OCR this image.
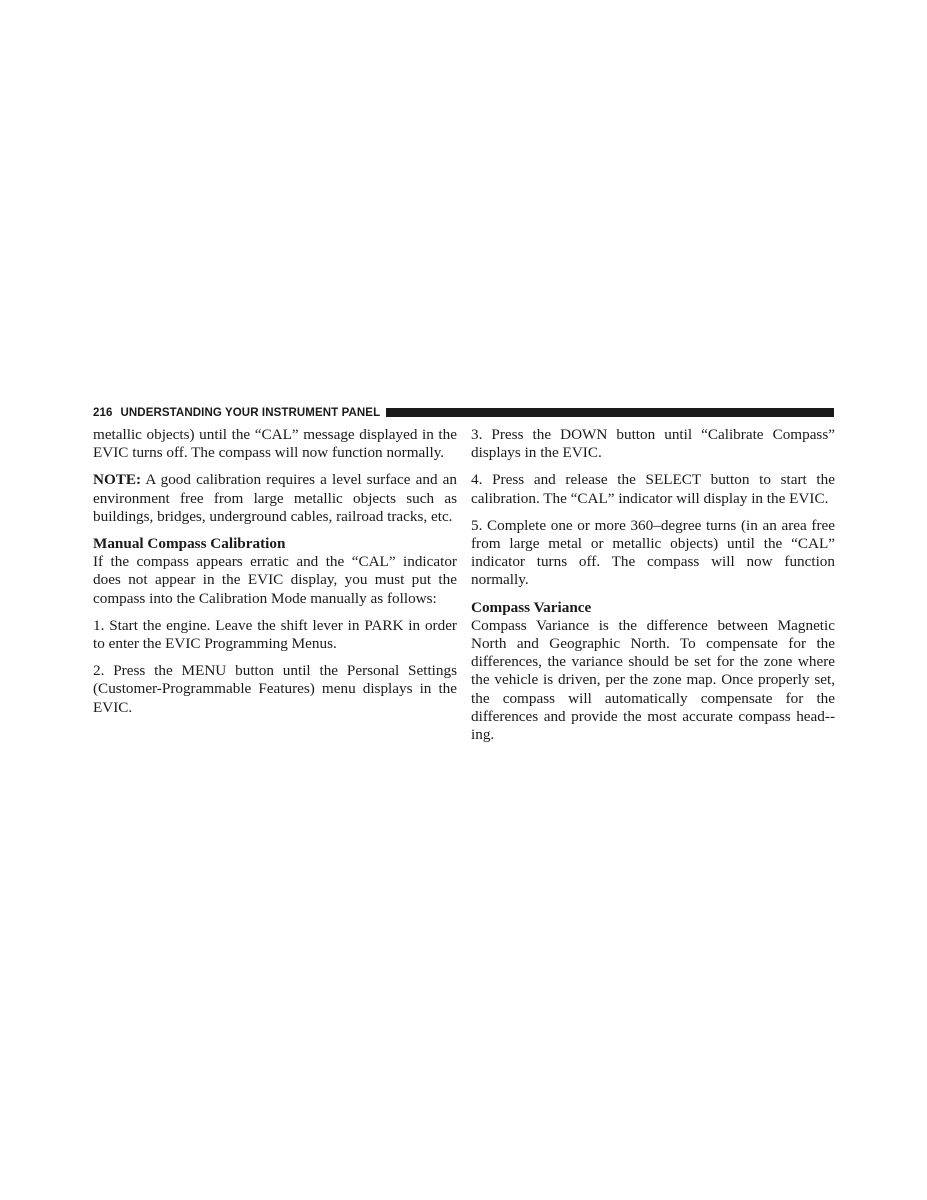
216 UNDERSTANDING YOUR INSTRUMENT PANEL

metallic objects) until the “CAL” message displayed in the EVIC turns off. The compass will now function normally.

NOTE: A good calibration requires a level surface and an environment free from large metallic objects such as buildings, bridges, underground cables, railroad tracks, etc.

Manual Compass Calibration

If the compass appears erratic and the “CAL” indicator does not appear in the EVIC display, you must put the compass into the Calibration Mode manually as follows:

1. Start the engine. Leave the shift lever in PARK in order to enter the EVIC Programming Menus.

2. Press the MENU button until the Personal Settings (Customer-Programmable Features) menu displays in the EVIC.

3. Press the DOWN button until “Calibrate Compass” displays in the EVIC.

4. Press and release the SELECT button to start the calibration. The “CAL” indicator will display in the EVIC.

5. Complete one or more 360–degree turns (in an area free from large metal or metallic objects) until the “CAL” indicator turns off. The compass will now function normally.

Compass Variance

Compass Variance is the difference between Magnetic North and Geographic North. To compensate for the differences, the variance should be set for the zone where the vehicle is driven, per the zone map. Once properly set, the compass will automatically compensate for the differences and provide the most accurate compass head-ing.
